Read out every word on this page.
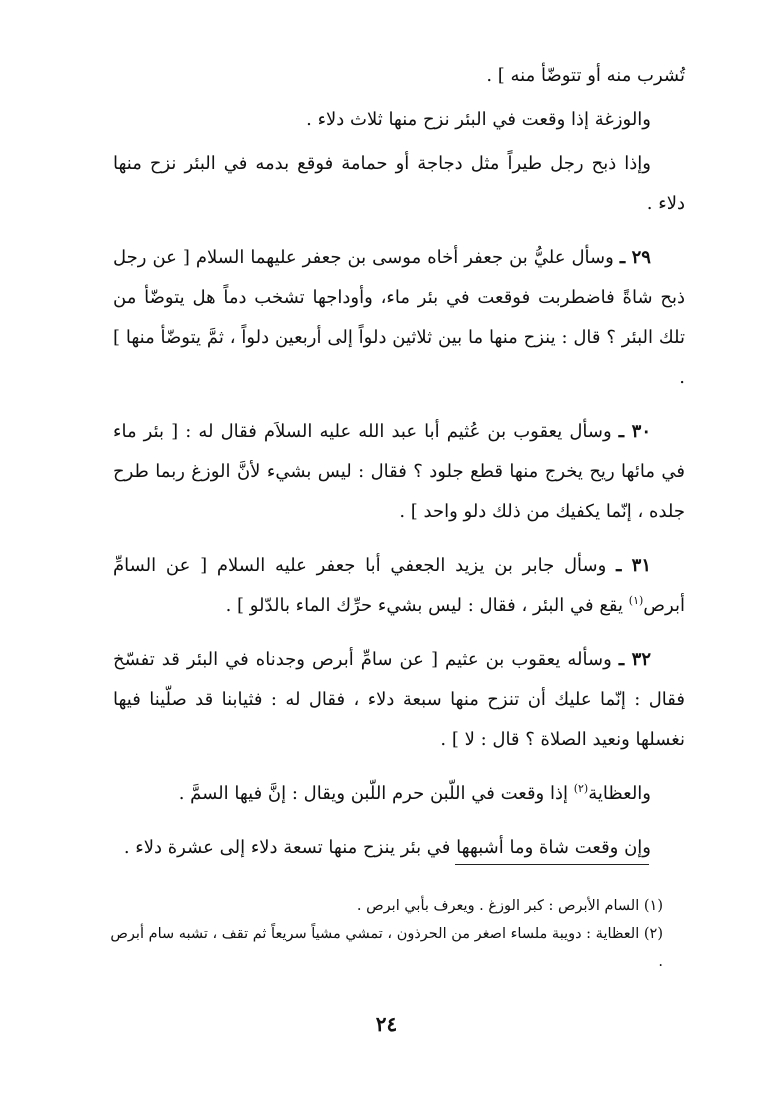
تُشرب منه أو تتوضّأ منه ] .

والوزغة إذا وقعت في البئر نزح منها ثلاث دلاء .

وإذا ذبح رجل طيراً مثل دجاجة أو حمامة فوقع بدمه في البئر نزح منها دلاء .

٢٩ ـ وسأل عليُّ بن جعفر أخاه موسى بن جعفر عليهما السلام [ عن رجل ذبح شاةً فاضطربت فوقعت في بئر ماء، وأوداجها تشخب دماً هل يتوضّأ من تلك البئر ؟ قال : ينزح منها ما بين ثلاثين دلواً إلى أربعين دلواً ، ثمَّ يتوضّأ منها ] .

٣٠ ـ وسأل يعقوب بن عُثيم أبا عبد الله عليه السلاَم فقال له : [ بئر ماء في مائها ريح يخرج منها قطع جلود ؟ فقال : ليس بشيء لأنَّ الوزغ ربما طرح جلده ، إنّما يكفيك من ذلك دلو واحد ] .

٣١ ـ وسأل جابر بن يزيد الجعفي أبا جعفر عليه السلام [ عن السامِّ أبرص$^{(١)}$ يقع في البئر ، فقال : ليس بشيء حرِّك الماء بالدّلو ] .

٣٢ ـ وسأله يعقوب بن عثيم [ عن سامِّ أبرص وجدناه في البئر قد تفسّخ فقال : إنّما عليك أن تنزح منها سبعة دلاء ، فقال له : فثيابنا قد صلّينا فيها نغسلها ونعيد الصلاة ؟ قال : لا ] .

والعظاية$^{(٢)}$ إذا وقعت في اللّبن حرم اللّبن ويقال : إنَّ فيها السمَّ .

وإن وقعت شاة وما أشبهها في بئر ينزح منها تسعة دلاء إلى عشرة دلاء .

(١) السام الأبرص : كبر الوزغ . ويعرف بأبي ابرص .

(٢) العظاية : دويبة ملساء اصغر من الحرذون ، تمشي مشياً سريعاً ثم تقف ، تشبه سام أبرص .

٢٤
